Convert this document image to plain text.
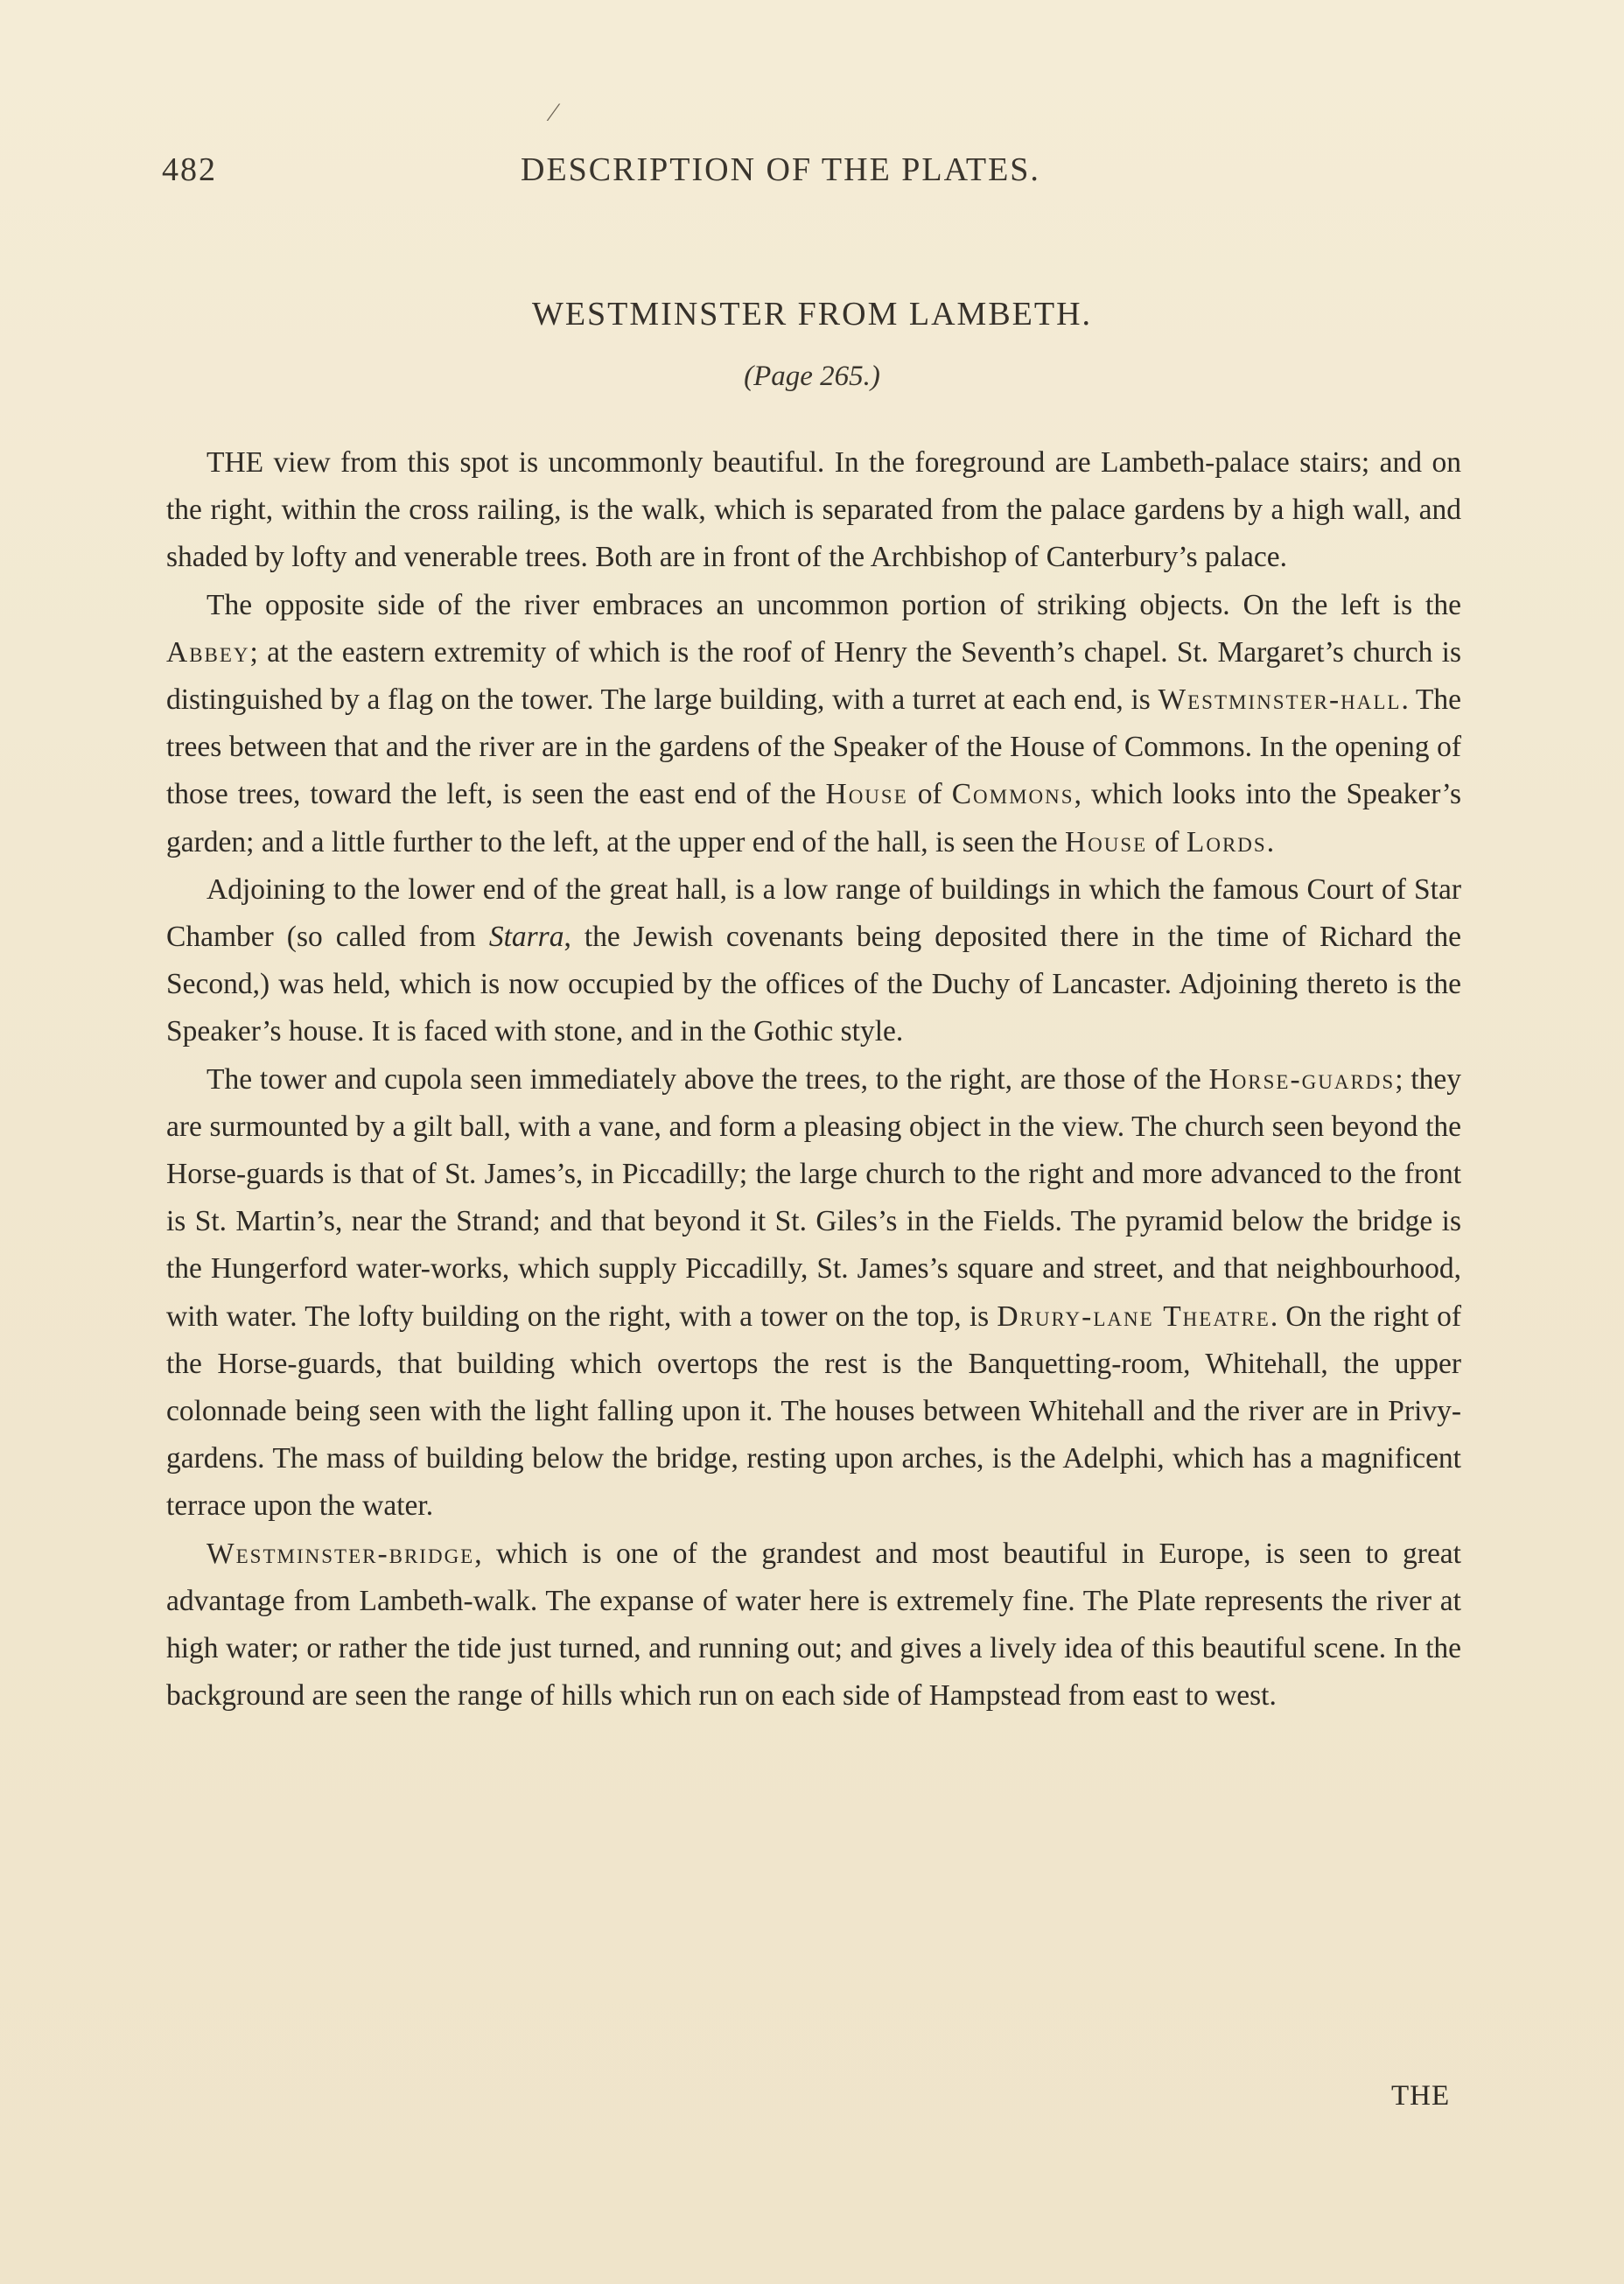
⁄
482	DESCRIPTION OF THE PLATES.
WESTMINSTER FROM LAMBETH.
(Page 265.)

THE view from this spot is uncommonly beautiful. In the foreground are Lambeth-palace stairs; and on the right, within the cross railing, is the walk, which is separated from the palace gardens by a high wall, and shaded by lofty and venerable trees. Both are in front of the Archbishop of Canterbury’s palace.

The opposite side of the river embraces an uncommon portion of striking objects. On the left is the Abbey; at the eastern extremity of which is the roof of Henry the Seventh’s chapel. St. Margaret’s church is distinguished by a flag on the tower. The large building, with a turret at each end, is Westminster-hall. The trees between that and the river are in the gardens of the Speaker of the House of Commons. In the opening of those trees, toward the left, is seen the east end of the House of Commons, which looks into the Speaker’s garden; and a little further to the left, at the upper end of the hall, is seen the House of Lords.

Adjoining to the lower end of the great hall, is a low range of buildings in which the famous Court of Star Chamber (so called from Starra, the Jewish covenants being deposited there in the time of Richard the Second,) was held, which is now occupied by the offices of the Duchy of Lancaster. Adjoining thereto is the Speaker’s house. It is faced with stone, and in the Gothic style.

The tower and cupola seen immediately above the trees, to the right, are those of the Horse-guards; they are surmounted by a gilt ball, with a vane, and form a pleasing object in the view. The church seen beyond the Horse-guards is that of St. James’s, in Piccadilly; the large church to the right and more advanced to the front is St. Martin’s, near the Strand; and that beyond it St. Giles’s in the Fields. The pyramid below the bridge is the Hungerford water-works, which supply Piccadilly, St. James’s square and street, and that neighbourhood, with water. The lofty building on the right, with a tower on the top, is Drury-lane Theatre. On the right of the Horse-guards, that building which overtops the rest is the Banquetting-room, Whitehall, the upper colonnade being seen with the light falling upon it. The houses between Whitehall and the river are in Privy-gardens. The mass of building below the bridge, resting upon arches, is the Adelphi, which has a magnificent terrace upon the water.

Westminster-bridge, which is one of the grandest and most beautiful in Europe, is seen to great advantage from Lambeth-walk. The expanse of water here is extremely fine. The Plate represents the river at high water; or rather the tide just turned, and running out; and gives a lively idea of this beautiful scene. In the background are seen the range of hills which run on each side of Hampstead from east to west.

THE
